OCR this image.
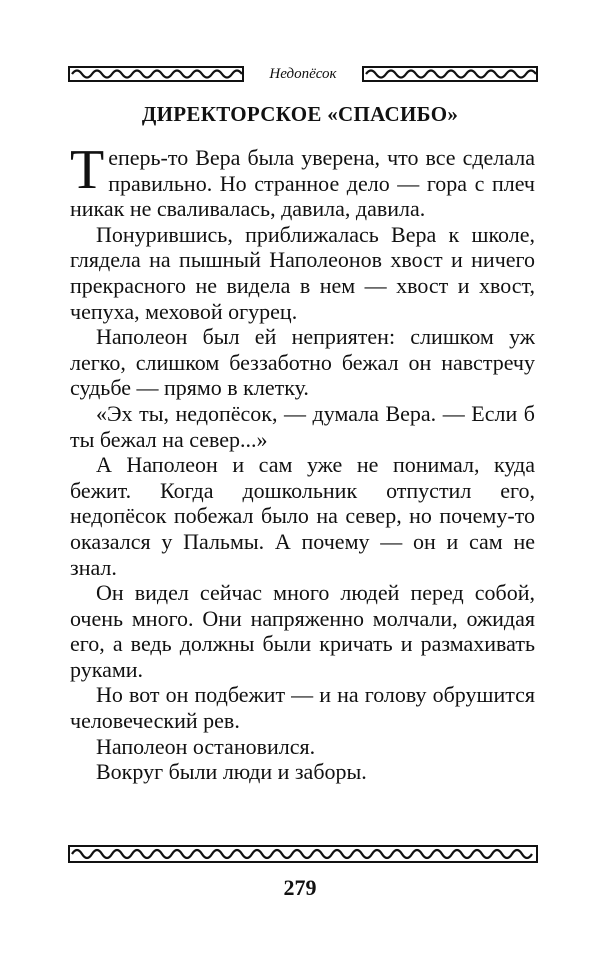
Недопёсок
ДИРЕКТОРСКОЕ «СПАСИБО»

Теперь-то Вера была уверена, что все сделала правильно. Но странное дело — гора с плеч никак не сваливалась, давила, давила.

Понурившись, приближалась Вера к школе, глядела на пышный Наполеонов хвост и ничего прекрасного не видела в нем — хвост и хвост, чепуха, меховой огурец.

Наполеон был ей неприятен: слишком уж легко, слишком беззаботно бежал он навстречу судьбе — прямо в клетку.

«Эх ты, недопёсок, — думала Вера. — Если б ты бежал на север...»

А Наполеон и сам уже не понимал, куда бежит. Когда дошкольник отпустил его, недопёсок побежал было на север, но почему-то оказался у Пальмы. А почему — он и сам не знал.

Он видел сейчас много людей перед собой, очень много. Они напряженно молчали, ожидая его, а ведь должны были кричать и размахивать руками.

Но вот он подбежит — и на голову обрушится человеческий рев.

Наполеон остановился.

Вокруг были люди и заборы.

279
